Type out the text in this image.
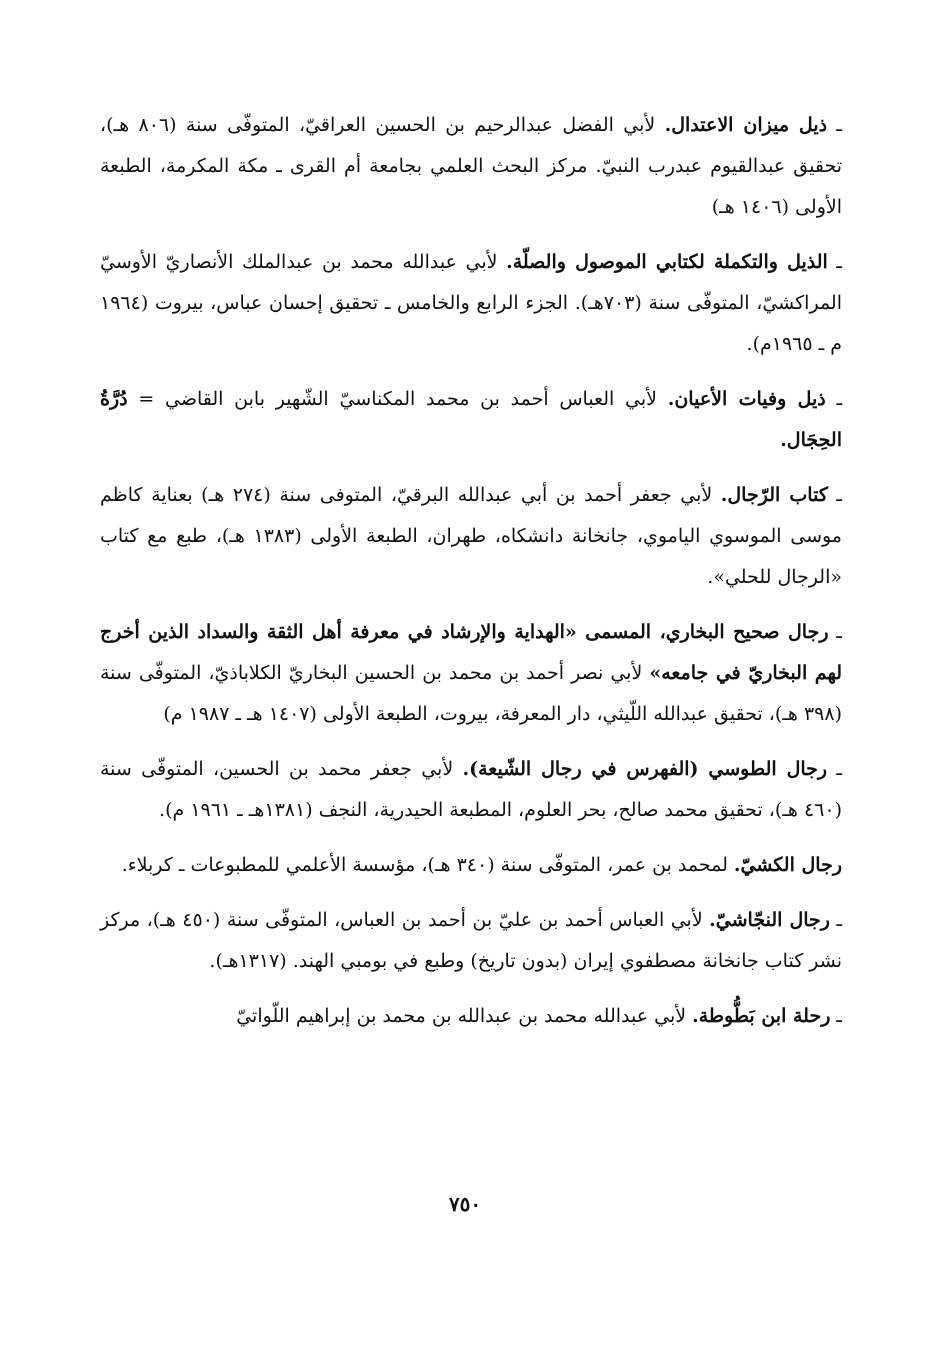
ـ ذيل ميزان الاعتدال. لأبي الفضل عبدالرحيم بن الحسين العراقيّ، المتوفّى سنة (٨٠٦ هـ)، تحقيق عبدالقيوم عبدرب النبيّ. مركز البحث العلمي بجامعة أم القرى ـ مكة المكرمة، الطبعة الأولى (١٤٠٦ هـ)

ـ الذيل والتكملة لكتابي الموصول والصلّة. لأبي عبدالله محمد بن عبدالملك الأنصاريّ الأوسيّ المراكشيّ، المتوفّى سنة (٧٠٣هـ). الجزء الرابع والخامس ـ تحقيق إحسان عباس، بيروت (١٩٦٤ م ـ ١٩٦٥م).

ـ ذيل وفيات الأعيان. لأبي العباس أحمد بن محمد المكناسيّ الشّهير بابن القاضي = دُرَّةُ الحِجَال.

ـ كتاب الرّجال. لأبي جعفر أحمد بن أبي عبدالله البرقيّ، المتوفى سنة (٢٧٤ هـ) بعناية كاظم موسى الموسوي الياموي، جانخانة دانشكاه، طهران، الطبعة الأولى (١٣٨٣ هـ)، طبع مع كتاب «الرجال للحلي».

ـ رجال صحيح البخاري، المسمى «الهداية والإرشاد في معرفة أهل الثقة والسداد الذين أخرج لهم البخاريّ في جامعه» لأبي نصر أحمد بن محمد بن الحسين البخاريّ الكلاباذيّ، المتوفّى سنة (٣٩٨ هـ)، تحقيق عبدالله اللّيثي، دار المعرفة، بيروت، الطبعة الأولى (١٤٠٧ هـ ـ ١٩٨٧ م)

ـ رجال الطوسي (الفهرس في رجال الشّيعة). لأبي جعفر محمد بن الحسين، المتوفّى سنة (٤٦٠ هـ)، تحقيق محمد صالح، بحر العلوم، المطبعة الحيدرية، النجف (١٣٨١هـ ـ ١٩٦١ م).

رجال الكشيّ. لمحمد بن عمر، المتوفّى سنة (٣٤٠ هـ)، مؤسسة الأعلمي للمطبوعات ـ كربلاء.

ـ رجال النجّاشيّ. لأبي العباس أحمد بن عليّ بن أحمد بن العباس، المتوفّى سنة (٤٥٠ هـ)، مركز نشر كتاب جانخانة مصطفوي إيران (بدون تاريخ) وطبع في بومبي الهند. (١٣١٧هـ).

ـ رحلة ابن بَطُّوطة. لأبي عبدالله محمد بن عبدالله بن محمد بن إبراهيم اللّواتيّ

٧٥٠
